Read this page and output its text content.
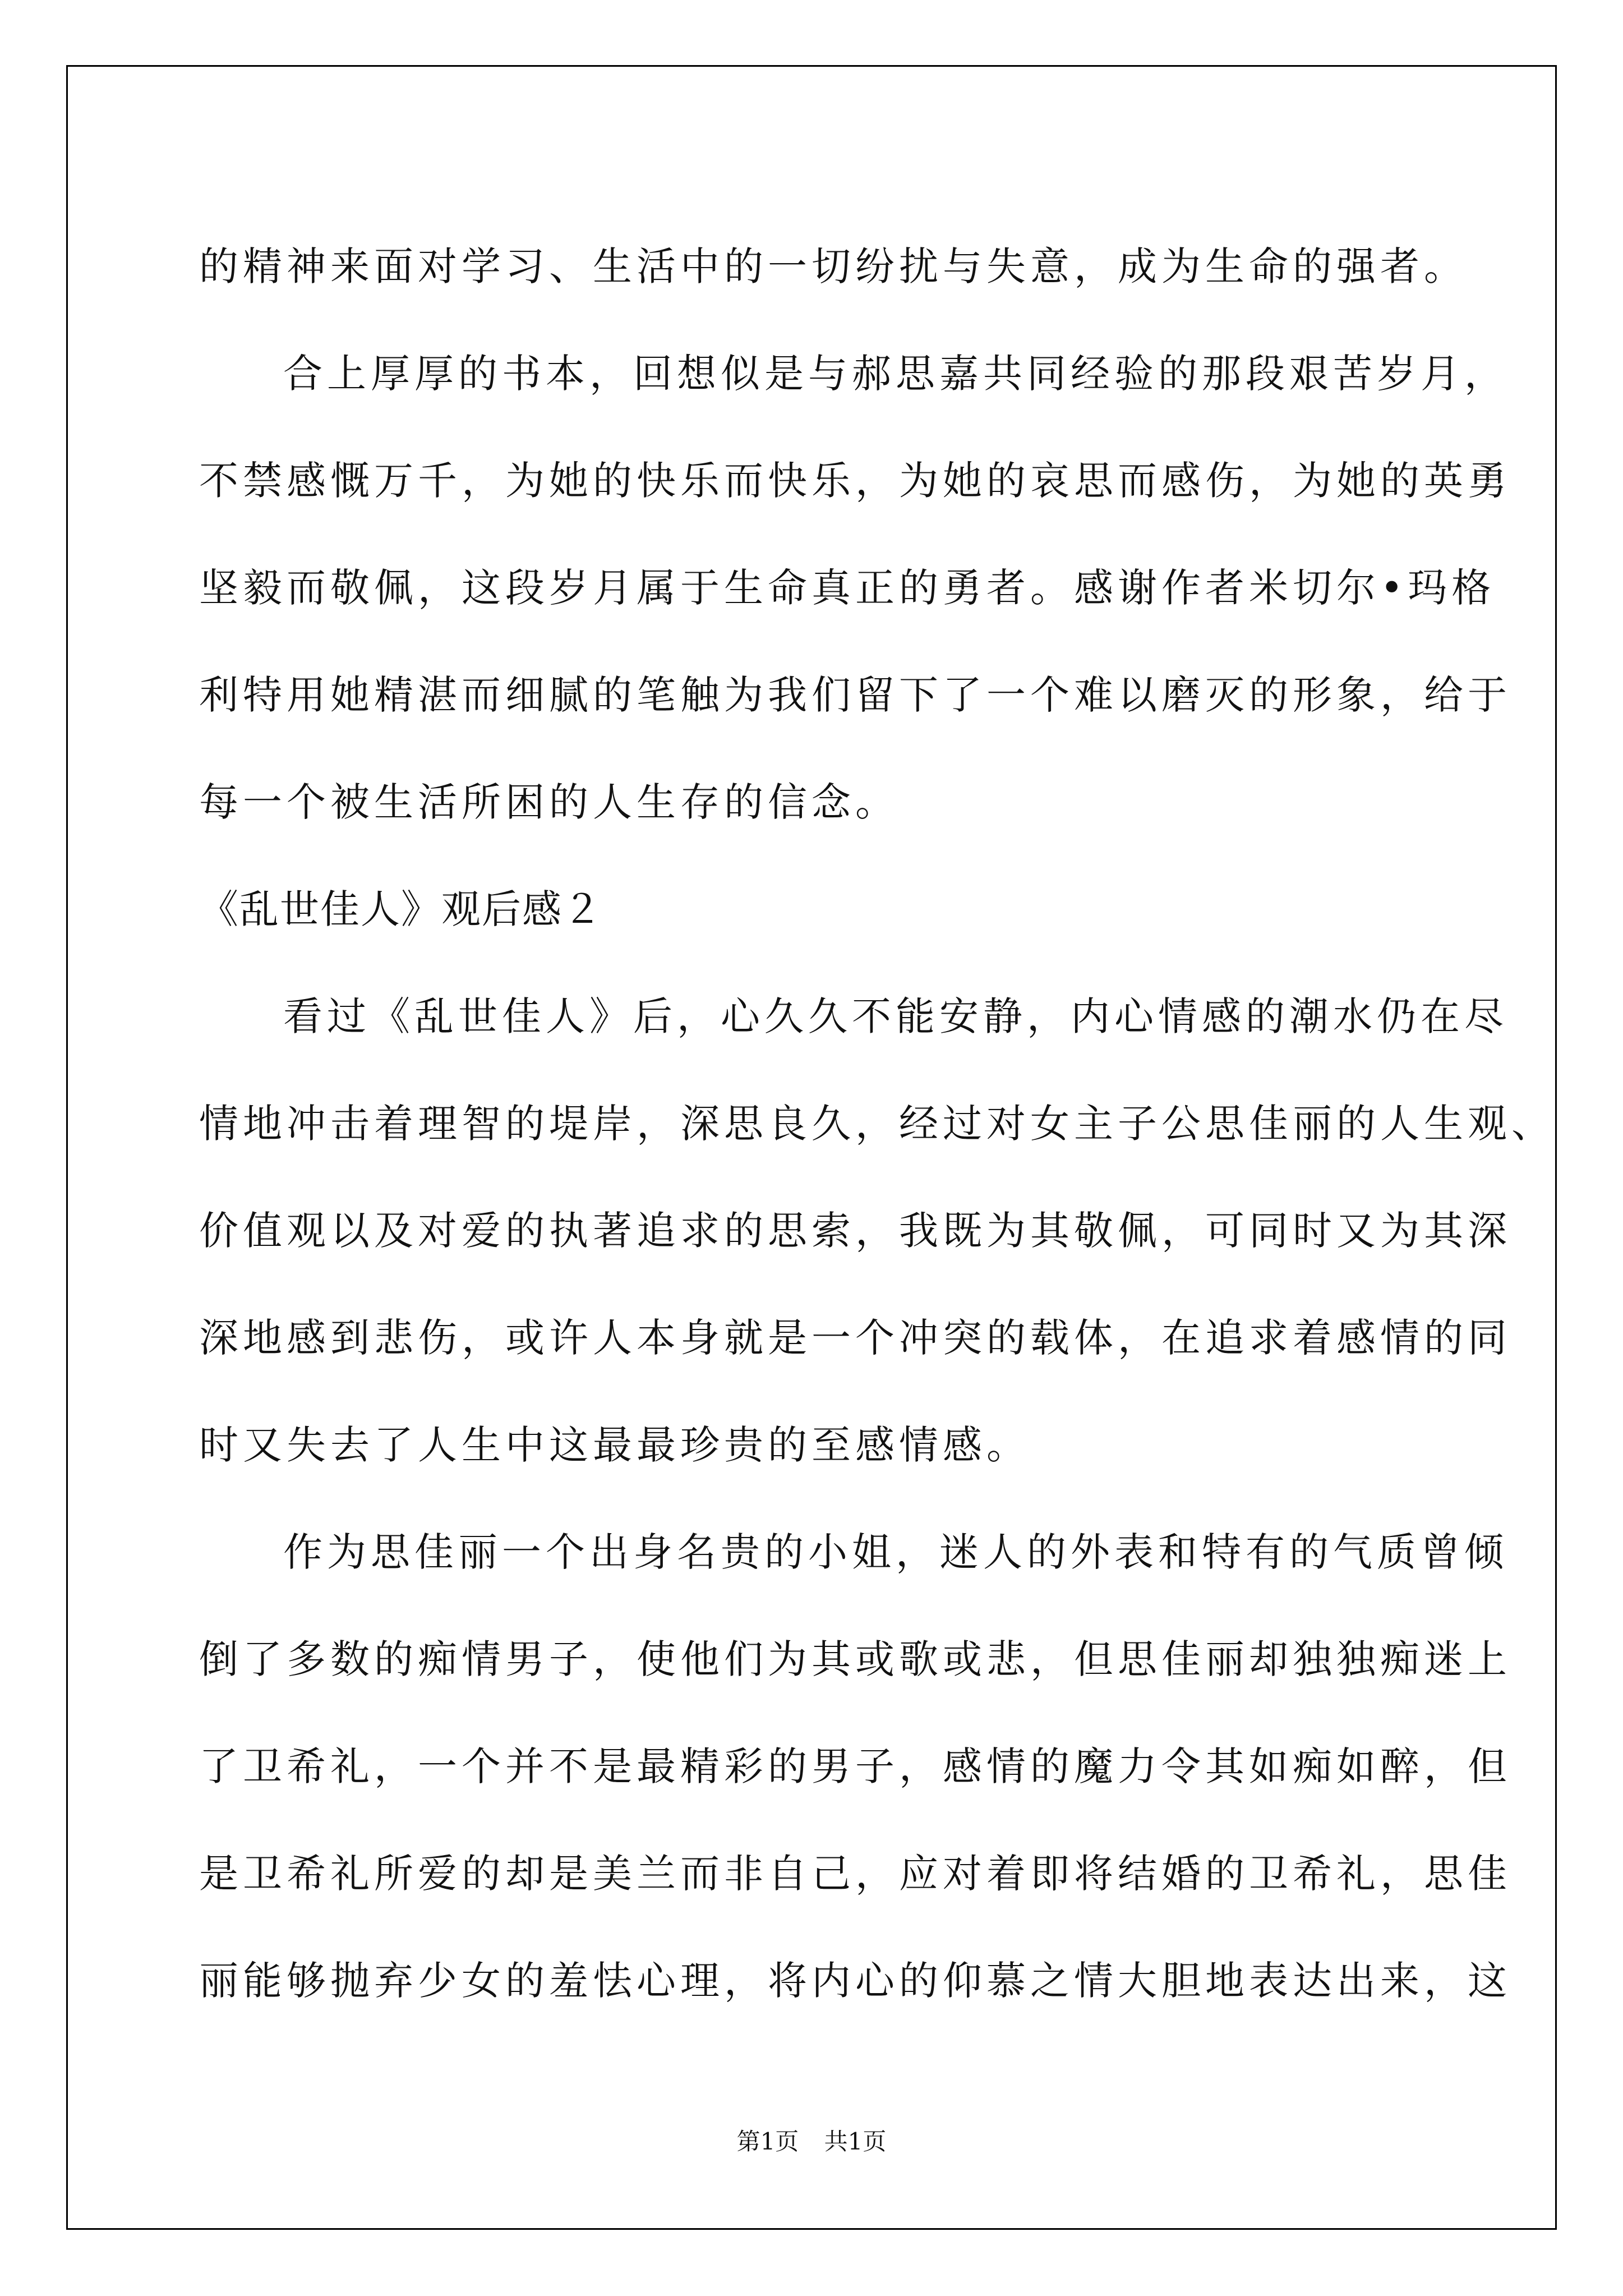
的精神来面对学习、生活中的一切纷扰与失意，成为生命的强者。
合上厚厚的书本，回想似是与郝思嘉共同经验的那段艰苦岁月，
不禁感慨万千，为她的快乐而快乐，为她的哀思而感伤，为她的英勇
坚毅而敬佩，这段岁月属于生命真正的勇者。感谢作者米切尔•玛格
利特用她精湛而细腻的笔触为我们留下了一个难以磨灭的形象，给于
每一个被生活所困的人生存的信念。
《乱世佳人》观后感２
看过《乱世佳人》后，心久久不能安静，内心情感的潮水仍在尽
情地冲击着理智的堤岸，深思良久，经过对女主子公思佳丽的人生观、
价值观以及对爱的执著追求的思索，我既为其敬佩，可同时又为其深
深地感到悲伤，或许人本身就是一个冲突的载体，在追求着感情的同
时又失去了人生中这最最珍贵的至感情感。
作为思佳丽一个出身名贵的小姐，迷人的外表和特有的气质曾倾
倒了多数的痴情男子，使他们为其或歌或悲，但思佳丽却独独痴迷上
了卫希礼，一个并不是最精彩的男子，感情的魔力令其如痴如醉，但
是卫希礼所爱的却是美兰而非自己，应对着即将结婚的卫希礼，思佳
丽能够抛弃少女的羞怯心理，将内心的仰慕之情大胆地表达出来，这
第1页 共1页
